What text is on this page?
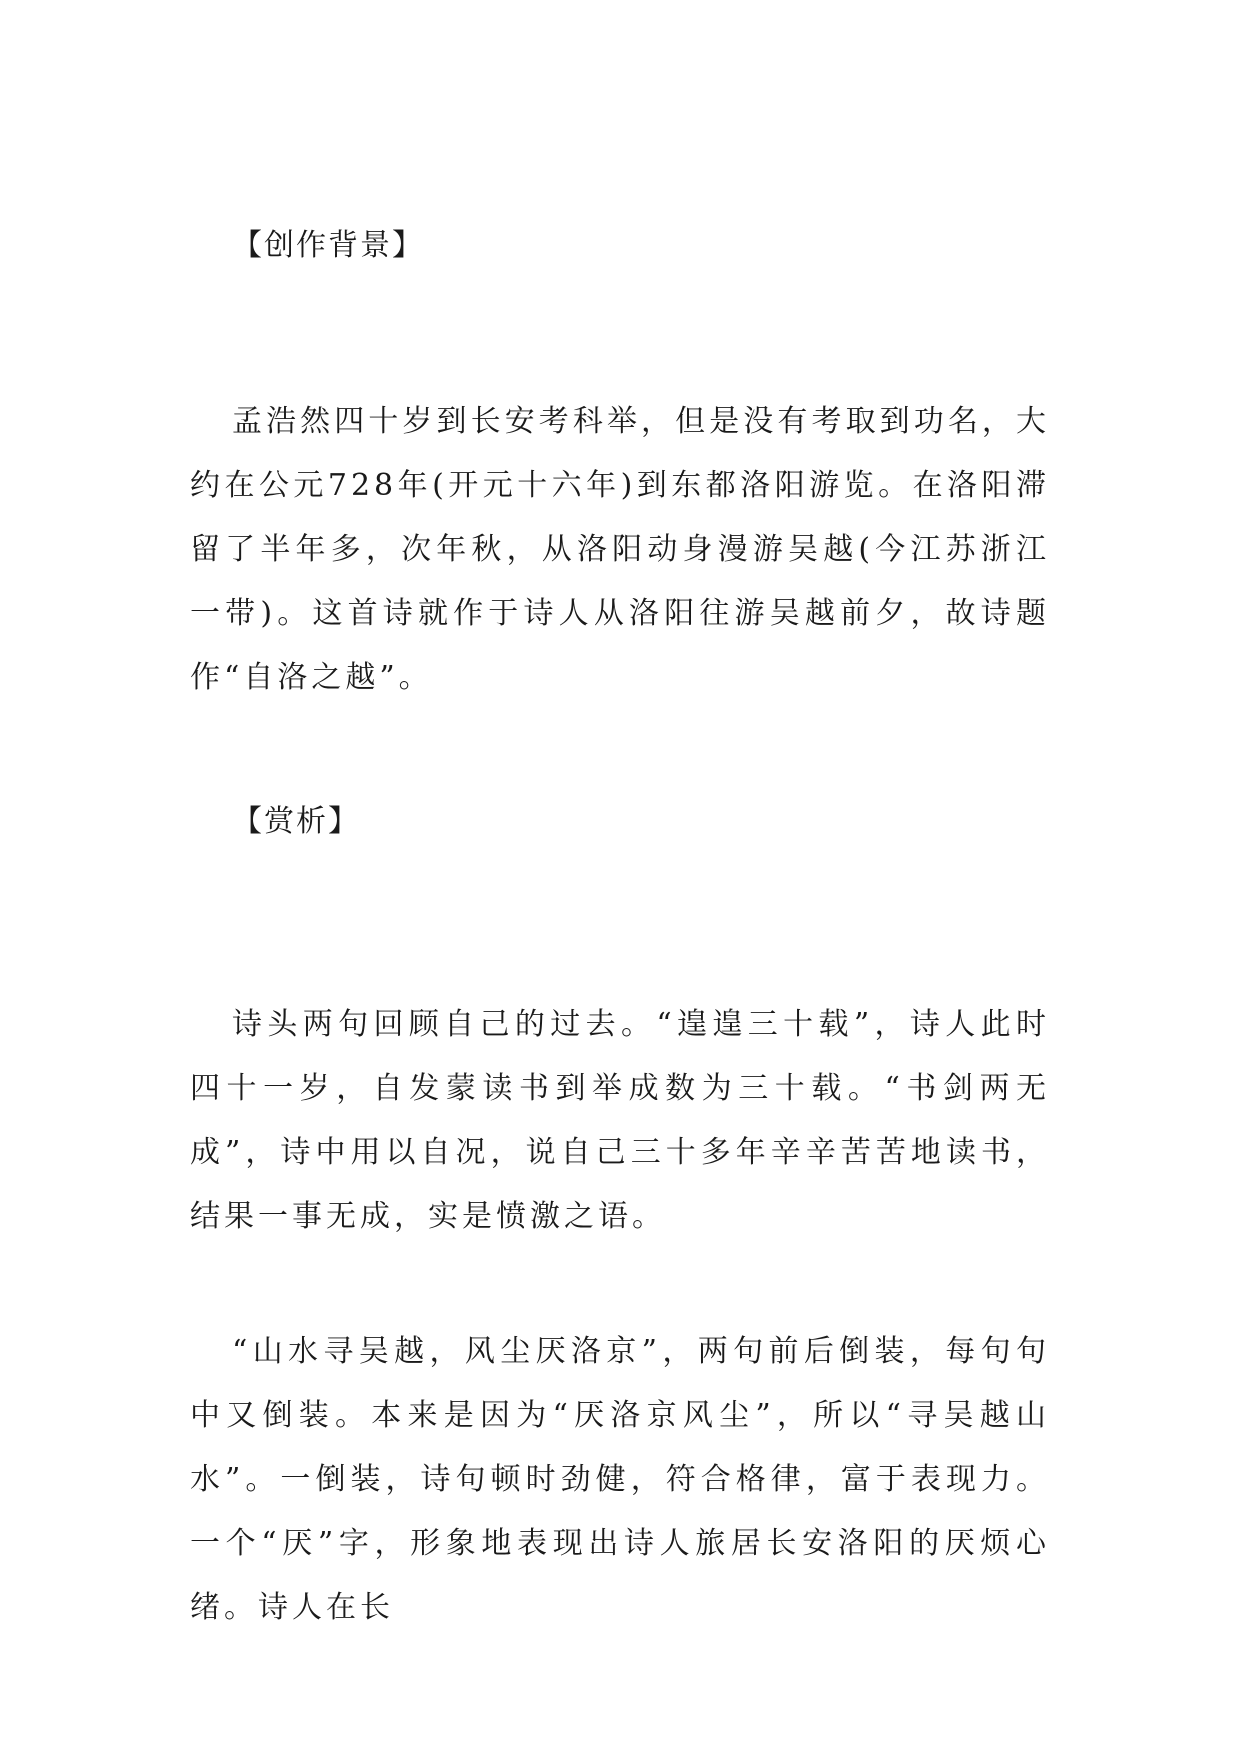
【创作背景】

孟浩然四十岁到长安考科举，但是没有考取到功名，大约在公元728年(开元十六年)到东都洛阳游览。在洛阳滞留了半年多，次年秋，从洛阳动身漫游吴越(今江苏浙江一带)。这首诗就作于诗人从洛阳往游吴越前夕，故诗题作“自洛之越”。

【赏析】

诗头两句回顾自己的过去。“遑遑三十载”，诗人此时四十一岁，自发蒙读书到举成数为三十载。“书剑两无成”，诗中用以自况，说自己三十多年辛辛苦苦地读书，结果一事无成，实是愤激之语。

“山水寻吴越，风尘厌洛京”，两句前后倒装，每句句中又倒装。本来是因为“厌洛京风尘”，所以“寻吴越山水”。一倒装，诗句顿时劲健，符合格律，富于表现力。一个“厌”字，形象地表现出诗人旅居长安洛阳的厌烦心绪。诗人在长
